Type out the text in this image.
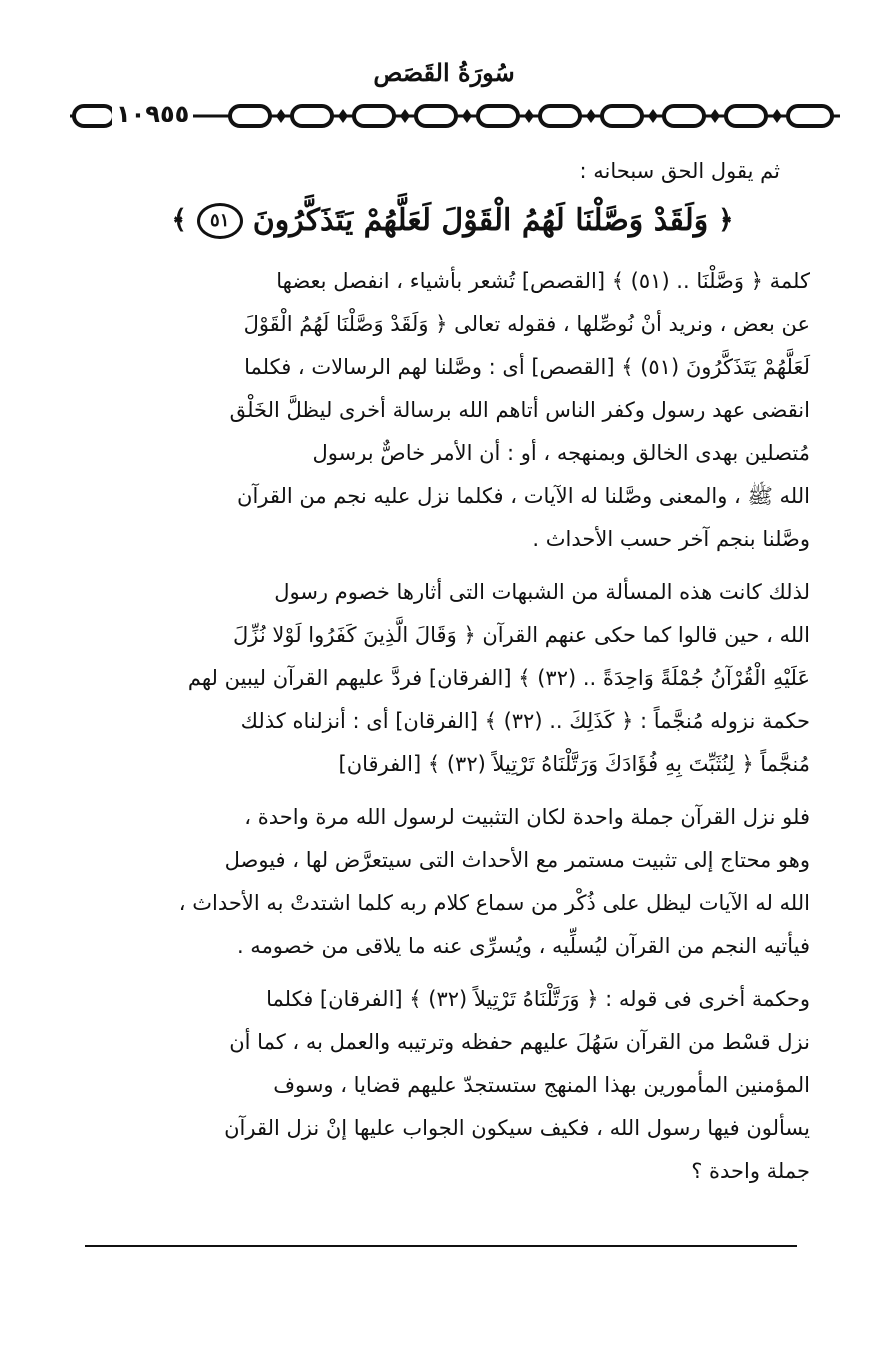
سُورَةُ القَصَص
١٠٩٥٥
ثم يقول الحق سبحانه :
﴿
وَلَقَدْ وَصَّلْنَا لَهُمُ الْقَوْلَ لَعَلَّهُمْ يَتَذَكَّرُونَ
٥١
﴾

كلمة ﴿ وَصَّلْنَا .. (٥١) ﴾ [القصص] تُشعر بأشياء ، انفصل بعضها

عن بعض ، ونريد أنْ نُوصِّلها ، فقوله تعالى ﴿ وَلَقَدْ وَصَّلْنَا لَهُمُ الْقَوْلَ

لَعَلَّهُمْ يَتَذَكَّرُونَ (٥١) ﴾ [القصص] أى : وصَّلنا لهم الرسالات ، فكلما

انقضى عهد رسول وكفر الناس أتاهم الله برسالة أخرى ليظلَّ الخَلْق

مُتصلين بهدى الخالق وبمنهجه ، أو : أن الأمر خاصٌّ برسول

الله ﷺ ، والمعنى وصَّلنا له الآيات ، فكلما نزل عليه نجم من القرآن

وصَّلنا بنجم آخر حسب الأحداث .

لذلك كانت هذه المسألة من الشبهات التى أثارها خصوم رسول

الله ، حين قالوا كما حكى عنهم القرآن ﴿ وَقَالَ الَّذِينَ كَفَرُوا لَوْلا نُزِّلَ

عَلَيْهِ الْقُرْآنُ جُمْلَةً وَاحِدَةً .. (٣٢) ﴾ [الفرقان] فردَّ عليهم القرآن ليبين لهم

حكمة نزوله مُنجَّماً : ﴿ كَذَلِكَ .. (٣٢) ﴾ [الفرقان] أى : أنزلناه كذلك

مُنجَّماً ﴿ لِنُثَبِّتَ بِهِ فُؤَادَكَ وَرَتَّلْنَاهُ تَرْتِيلاً (٣٢) ﴾ [الفرقان]

فلو نزل القرآن جملة واحدة لكان التثبيت لرسول الله مرة واحدة ،

وهو محتاج إلى تثبيت مستمر مع الأحداث التى سيتعرَّض لها ، فيوصل

الله له الآيات ليظل على ذُكْر من سماع كلام ربه كلما اشتدتْ به الأحداث ،

فيأتيه النجم من القرآن ليُسلِّيه ، ويُسرِّى عنه ما يلاقى من خصومه .

وحكمة أخرى فى قوله : ﴿ وَرَتَّلْنَاهُ تَرْتِيلاً (٣٢) ﴾ [الفرقان] فكلما

نزل قسْط من القرآن سَهُلَ عليهم حفظه وترتيبه والعمل به ، كما أن

المؤمنين المأمورين بهذا المنهج ستستجدّ عليهم قضايا ، وسوف

يسألون فيها رسول الله ، فكيف سيكون الجواب عليها إنْ نزل القرآن

جملة واحدة ؟
